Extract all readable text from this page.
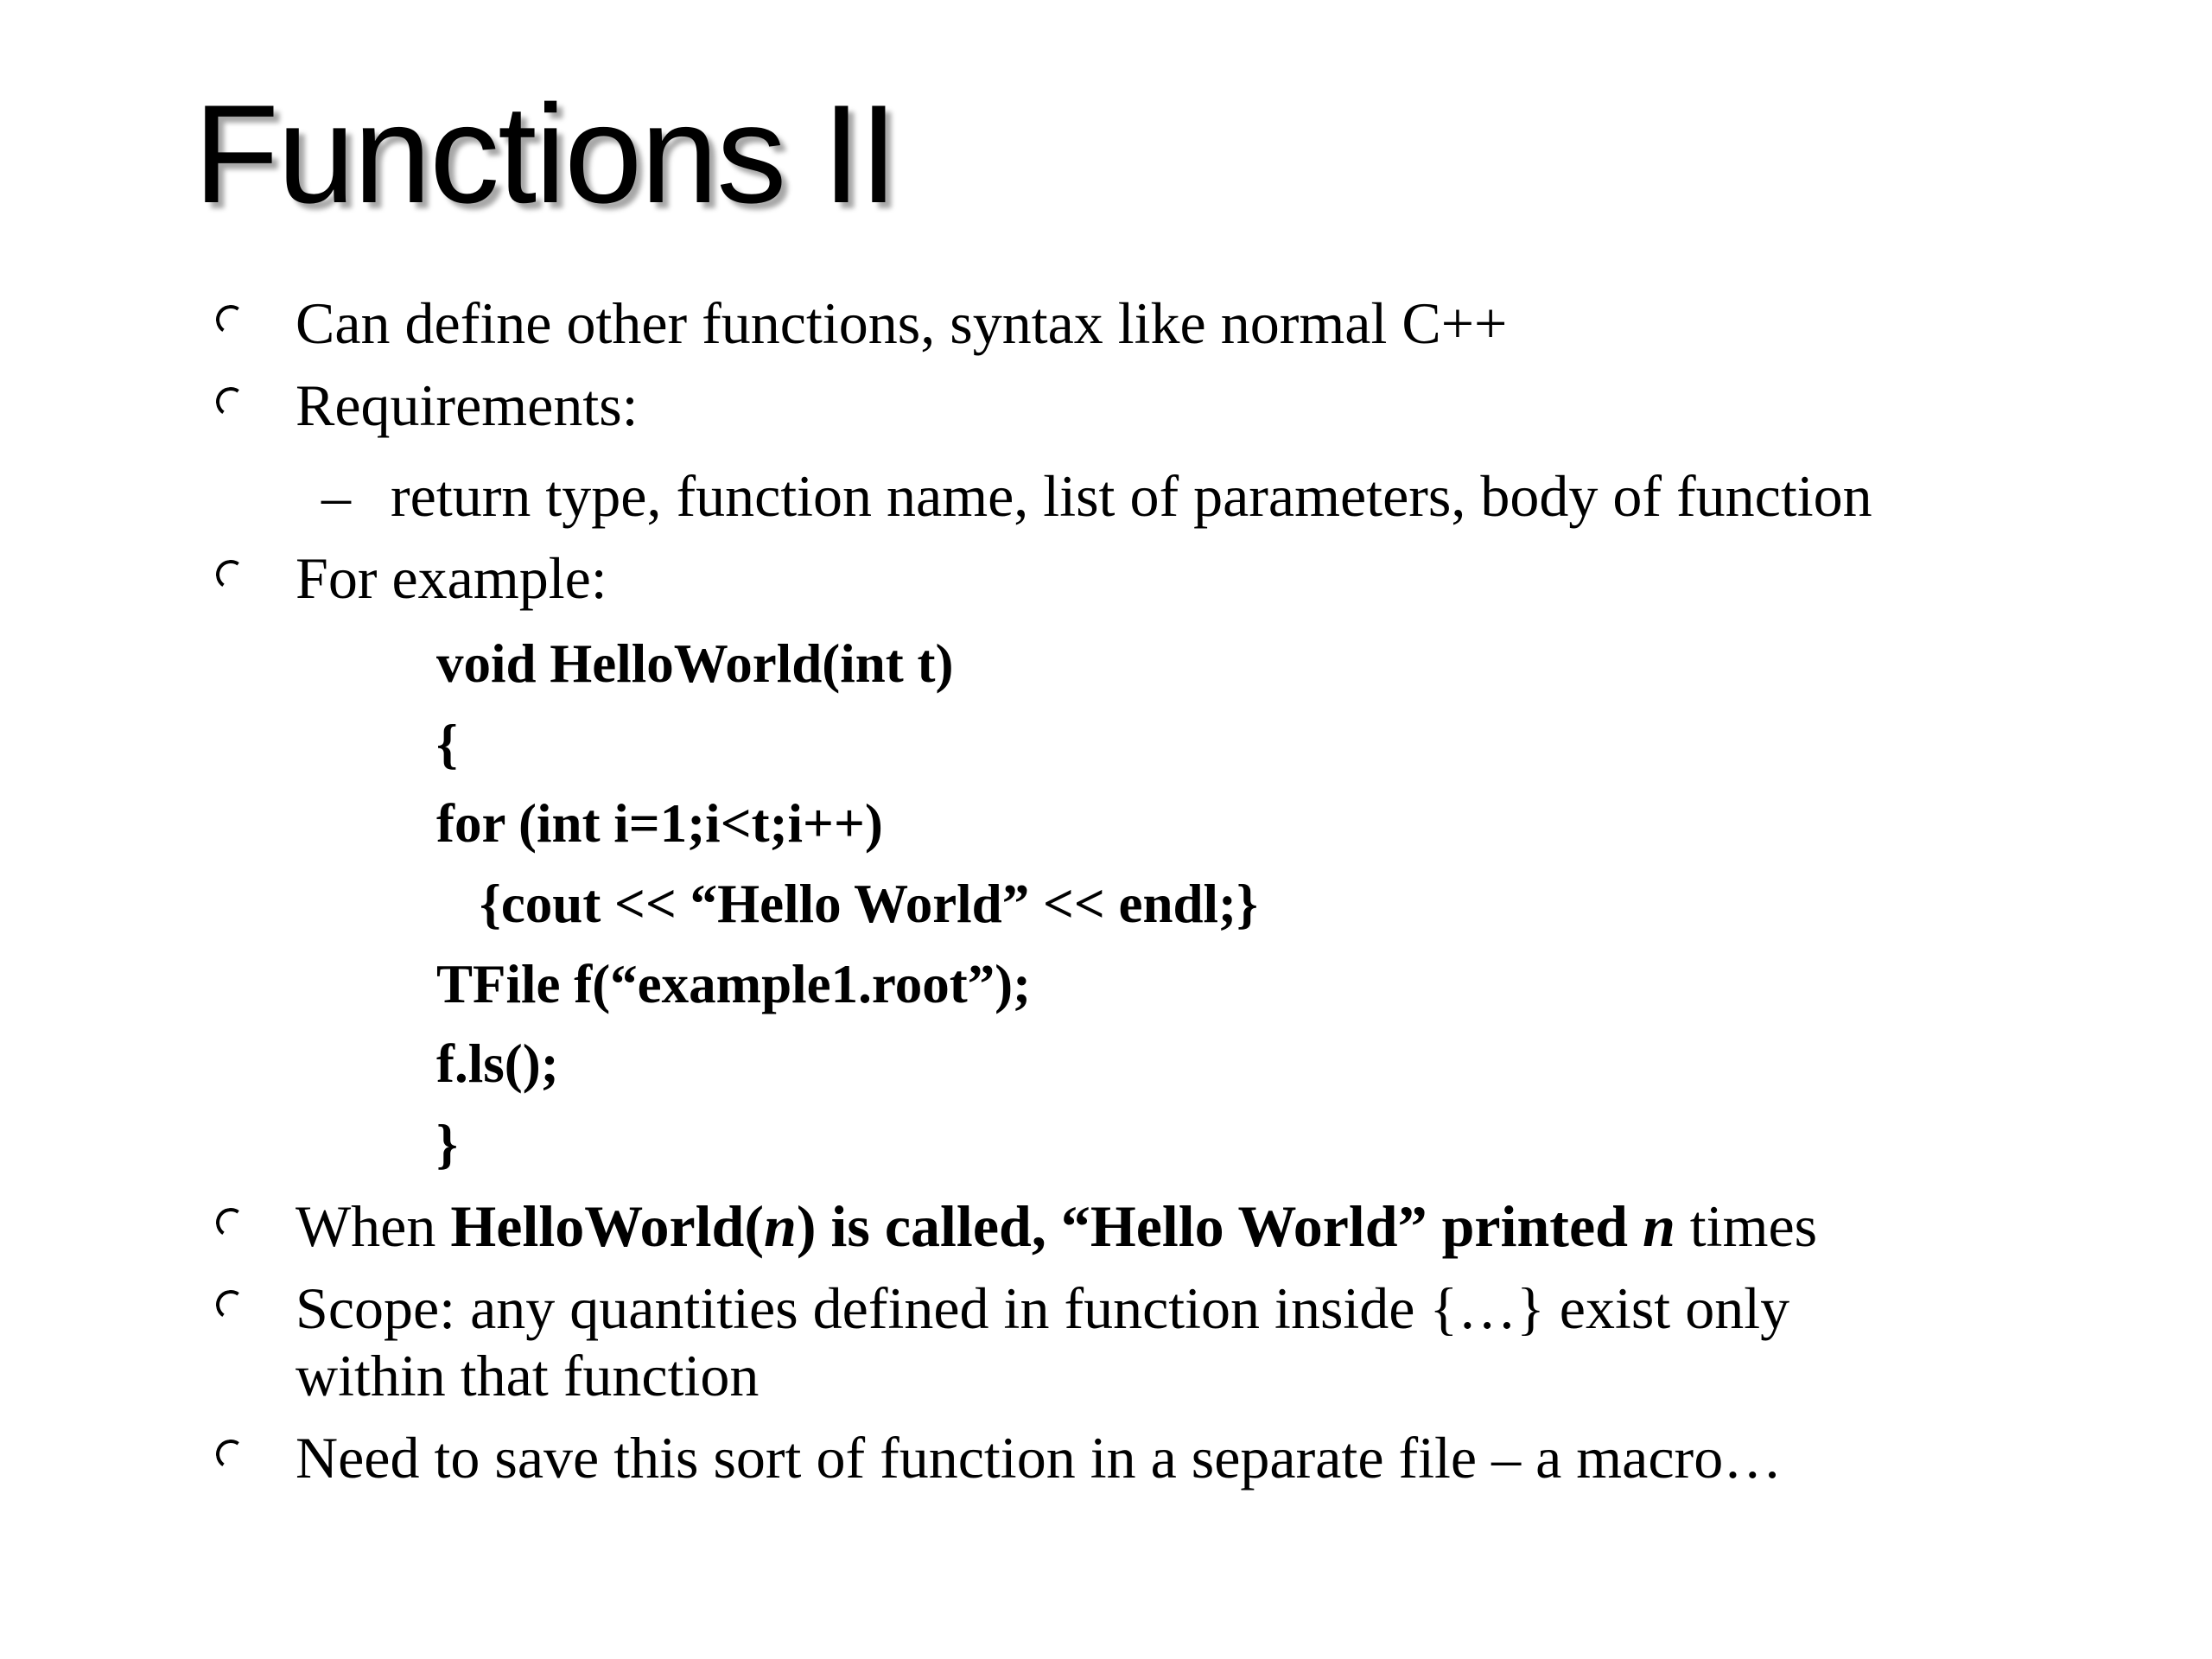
Functions II
Can define other functions, syntax like normal C++
Requirements:
– return type, function name, list of parameters, body of function
For example:
void HelloWorld(int t)
{
for (int i=1;i<t;i++)
{cout << “Hello World” << endl;}
TFile f(“example1.root”);
f.ls();
}
When HelloWorld(n) is called, “Hello World” printed n times
Scope: any quantities defined in function inside {…} exist only
within that function
Need to save this sort of function in a separate file – a macro…
